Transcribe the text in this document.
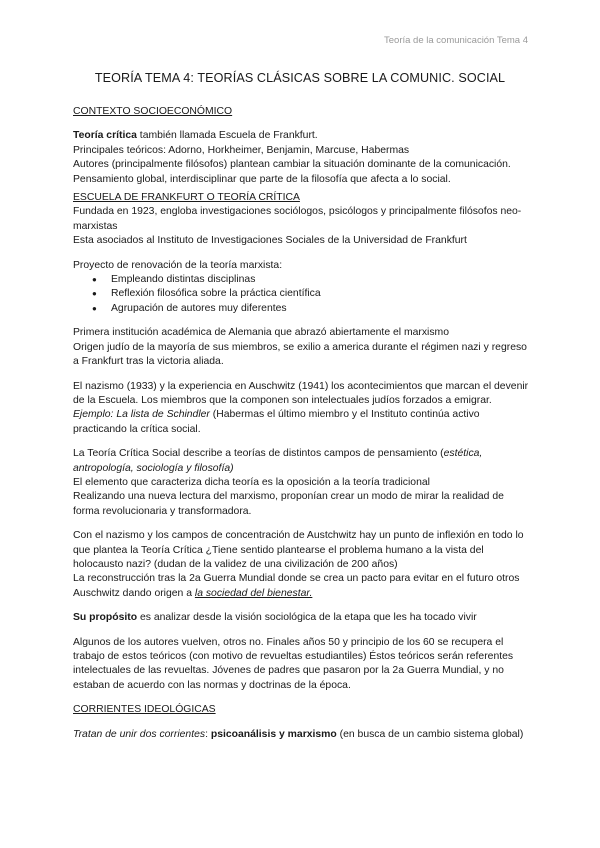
Teoría de la comunicación Tema 4
TEORÍA TEMA 4: TEORÍAS CLÁSICAS SOBRE LA COMUNIC. SOCIAL

CONTEXTO SOCIOECONÓMICO

Teoría crítica también llamada Escuela de Frankfurt.

Principales teóricos: Adorno, Horkheimer, Benjamin, Marcuse, Habermas

Autores (principalmente filósofos) plantean cambiar la situación dominante de la comunicación.

Pensamiento global, interdisciplinar que parte de la filosofía que afecta a lo social.

ESCUELA DE FRANKFURT O TEORÍA CRÍTICA

Fundada en 1923, engloba investigaciones sociólogos, psicólogos y principalmente filósofos neo-marxistas

Esta asociados al Instituto de Investigaciones Sociales de la Universidad de Frankfurt

Proyecto de renovación de la teoría marxista:

● Empleando distintas disciplinas
● Reflexión filosófica sobre la práctica científica
● Agrupación de autores muy diferentes

Primera institución académica de Alemania que abrazó abiertamente el marxismo

Origen judío de la mayoría de sus miembros, se exilio a america durante el régimen nazi y regreso a Frankfurt tras la victoria aliada.

El nazismo (1933) y la experiencia en Auschwitz (1941) los acontecimientos que marcan el devenir de la Escuela. Los miembros que la componen son intelectuales judíos forzados a emigrar. Ejemplo: La lista de Schindler (Habermas el último miembro y el Instituto continúa activo practicando la crítica social.

La Teoría Crítica Social describe a teorías de distintos campos de pensamiento (estética, antropología, sociología y filosofía)

El elemento que caracteriza dicha teoría es la oposición a la teoría tradicional

Realizando una nueva lectura del marxismo, proponían crear un modo de mirar la realidad de forma revolucionaria y transformadora.

Con el nazismo y los campos de concentración de Austchwitz hay un punto de inflexión en todo lo que plantea la Teoría Crítica ¿Tiene sentido plantearse el problema humano a la vista del holocausto nazi? (dudan de la validez de una civilización de 200 años)

La reconstrucción tras la 2a Guerra Mundial donde se crea un pacto para evitar en el futuro otros Auschwitz dando origen a la sociedad del bienestar.

Su propósito es analizar desde la visión sociológica de la etapa que les ha tocado vivir

Algunos de los autores vuelven, otros no. Finales años 50 y principio de los 60 se recupera el trabajo de estos teóricos (con motivo de revueltas estudiantiles) Éstos teóricos serán referentes intelectuales de las revueltas. Jóvenes de padres que pasaron por la 2a Guerra Mundial, y no estaban de acuerdo con las normas y doctrinas de la época.

CORRIENTES IDEOLÓGICAS

Tratan de unir dos corrientes: psicoanálisis y marxismo (en busca de un cambio sistema global)
